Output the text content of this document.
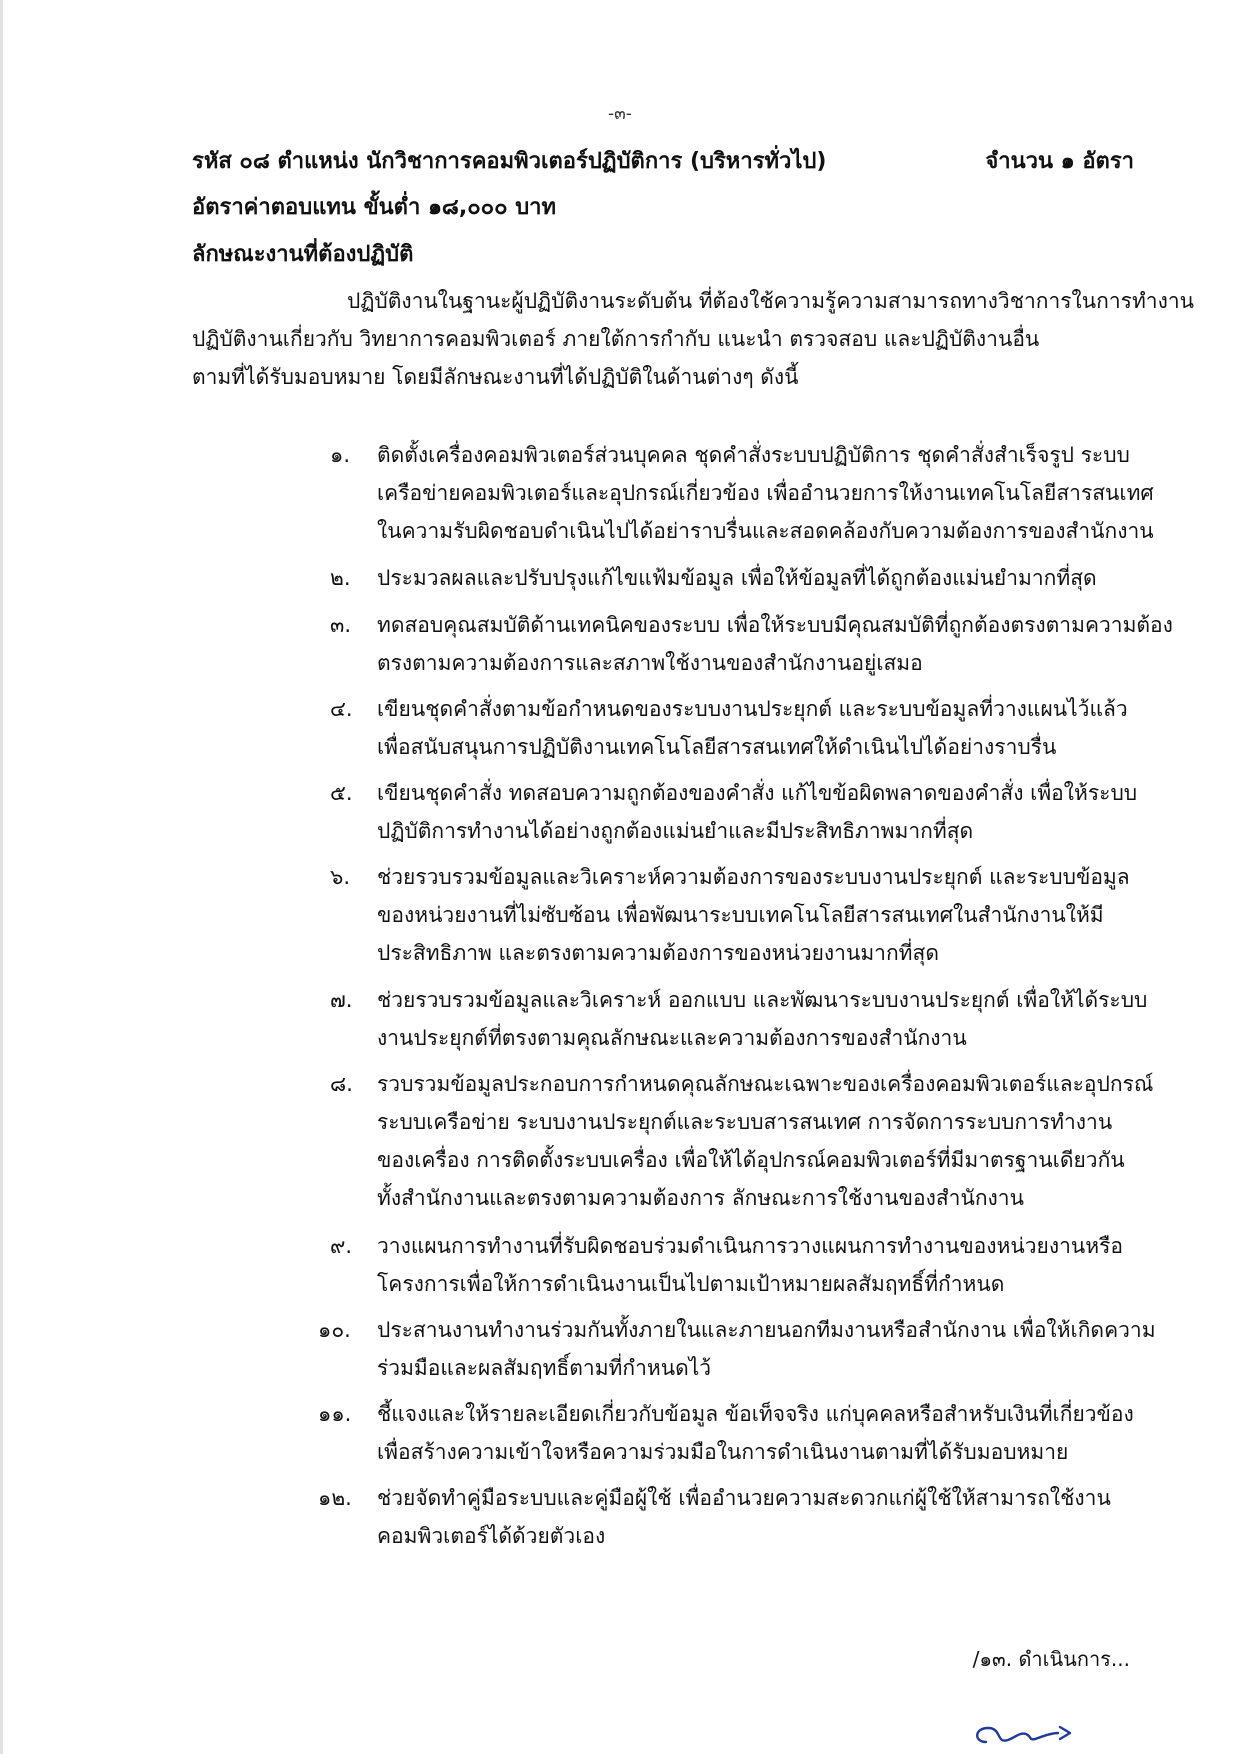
-๓-
รหัส ๐๘ ตำแหน่ง นักวิชาการคอมพิวเตอร์ปฏิบัติการ (บริหารทั่วไป)	จำนวน ๑ อัตรา
อัตราค่าตอบแทน ขั้นต่ำ ๑๘,๐๐๐ บาท
ลักษณะงานที่ต้องปฏิบัติ
ปฏิบัติงานในฐานะผู้ปฏิบัติงานระดับต้น ที่ต้องใช้ความรู้ความสามารถทางวิชาการในการทำงาน
ปฏิบัติงานเกี่ยวกับ วิทยาการคอมพิวเตอร์ ภายใต้การกำกับ แนะนำ ตรวจสอบ และปฏิบัติงานอื่น
ตามที่ได้รับมอบหมาย โดยมีลักษณะงานที่ได้ปฏิบัติในด้านต่างๆ ดังนี้
๑. ติดตั้งเครื่องคอมพิวเตอร์ส่วนบุคคล ชุดคำสั่งระบบปฏิบัติการ ชุดคำสั่งสำเร็จรูป ระบบ
เครือข่ายคอมพิวเตอร์และอุปกรณ์เกี่ยวข้อง เพื่ออำนวยการให้งานเทคโนโลยีสารสนเทศ
ในความรับผิดชอบดำเนินไปได้อย่าราบรื่นและสอดคล้องกับความต้องการของสำนักงาน
๒. ประมวลผลและปรับปรุงแก้ไขแฟ้มข้อมูล เพื่อให้ข้อมูลที่ได้ถูกต้องแม่นยำมากที่สุด
๓. ทดสอบคุณสมบัติด้านเทคนิคของระบบ เพื่อให้ระบบมีคุณสมบัติที่ถูกต้องตรงตามความต้อง
ตรงตามความต้องการและสภาพใช้งานของสำนักงานอยู่เสมอ
๔. เขียนชุดคำสั่งตามข้อกำหนดของระบบงานประยุกต์ และระบบข้อมูลที่วางแผนไว้แล้ว
เพื่อสนับสนุนการปฏิบัติงานเทคโนโลยีสารสนเทศให้ดำเนินไปได้อย่างราบรื่น
๕. เขียนชุดคำสั่ง ทดสอบความถูกต้องของคำสั่ง แก้ไขข้อผิดพลาดของคำสั่ง เพื่อให้ระบบ
ปฏิบัติการทำงานได้อย่างถูกต้องแม่นยำและมีประสิทธิภาพมากที่สุด
๖. ช่วยรวบรวมข้อมูลและวิเคราะห์ความต้องการของระบบงานประยุกต์ และระบบข้อมูล
ของหน่วยงานที่ไม่ซับซ้อน เพื่อพัฒนาระบบเทคโนโลยีสารสนเทศในสำนักงานให้มี
ประสิทธิภาพ และตรงตามความต้องการของหน่วยงานมากที่สุด
๗. ช่วยรวบรวมข้อมูลและวิเคราะห์ ออกแบบ และพัฒนาระบบงานประยุกต์ เพื่อให้ได้ระบบ
งานประยุกต์ที่ตรงตามคุณลักษณะและความต้องการของสำนักงาน
๘. รวบรวมข้อมูลประกอบการกำหนดคุณลักษณะเฉพาะของเครื่องคอมพิวเตอร์และอุปกรณ์
ระบบเครือข่าย ระบบงานประยุกต์และระบบสารสนเทศ การจัดการระบบการทำงาน
ของเครื่อง การติดตั้งระบบเครื่อง เพื่อให้ได้อุปกรณ์คอมพิวเตอร์ที่มีมาตรฐานเดียวกัน
ทั้งสำนักงานและตรงตามความต้องการ ลักษณะการใช้งานของสำนักงาน
๙. วางแผนการทำงานที่รับผิดชอบร่วมดำเนินการวางแผนการทำงานของหน่วยงานหรือ
โครงการเพื่อให้การดำเนินงานเป็นไปตามเป้าหมายผลสัมฤทธิ์ที่กำหนด
๑๐. ประสานงานทำงานร่วมกันทั้งภายในและภายนอกทีมงานหรือสำนักงาน เพื่อให้เกิดความ
ร่วมมือและผลสัมฤทธิ์ตามที่กำหนดไว้
๑๑. ชี้แจงและให้รายละเอียดเกี่ยวกับข้อมูล ข้อเท็จจริง แก่บุคคลหรือสำหรับเงินที่เกี่ยวข้อง
เพื่อสร้างความเข้าใจหรือความร่วมมือในการดำเนินงานตามที่ได้รับมอบหมาย
๑๒. ช่วยจัดทำคู่มือระบบและคู่มือผู้ใช้ เพื่ออำนวยความสะดวกแก่ผู้ใช้ให้สามารถใช้งาน
คอมพิวเตอร์ได้ด้วยตัวเอง
/๑๓. ดำเนินการ...
